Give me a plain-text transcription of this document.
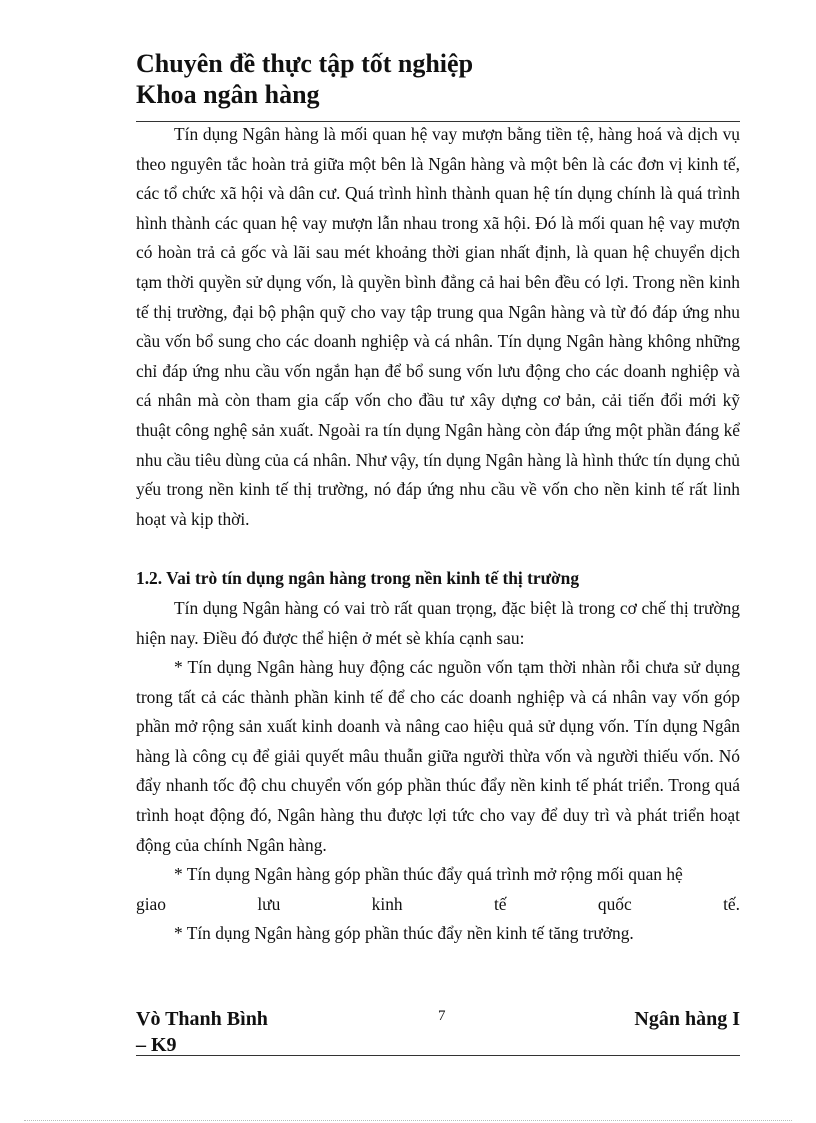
Chuyên đề thực tập tốt nghiệp
Khoa ngân hàng

Tín dụng Ngân hàng là mối quan hệ vay mượn bằng tiền tệ, hàng hoá và dịch vụ theo nguyên tắc hoàn trả giữa một bên là Ngân hàng và một bên là các đơn vị kinh tế, các tổ chức xã hội và dân cư. Quá trình hình thành quan hệ tín dụng chính là quá trình hình thành các quan hệ vay mượn lẫn nhau trong xã hội. Đó là mối quan hệ vay mượn có hoàn trả cả gốc và lãi sau mét khoảng thời gian nhất định, là quan hệ chuyển dịch tạm thời quyền sử dụng vốn, là quyền bình đẳng cả hai bên đều có lợi. Trong nền kinh tế thị trường, đại bộ phận quỹ cho vay tập trung qua Ngân hàng và từ đó đáp ứng nhu cầu vốn bổ sung cho các doanh nghiệp và cá nhân. Tín dụng Ngân hàng không những chỉ đáp ứng nhu cầu vốn ngắn hạn để bổ sung vốn lưu động cho các doanh nghiệp và cá nhân mà còn tham gia cấp vốn cho đầu tư xây dựng cơ bản, cải tiến đổi mới kỹ thuật công nghệ sản xuất. Ngoài ra tín dụng Ngân hàng còn đáp ứng một phần đáng kể nhu cầu tiêu dùng của cá nhân. Như vậy, tín dụng Ngân hàng là hình thức tín dụng chủ yếu trong nền kinh tế thị trường, nó đáp ứng nhu cầu về vốn cho nền kinh tế rất linh hoạt và kịp thời.

1.2. Vai trò tín dụng ngân hàng trong nền kinh tế thị trường

Tín dụng Ngân hàng có vai trò rất quan trọng, đặc biệt là trong cơ chế thị trường hiện nay. Điều đó được thể hiện ở mét sè khía cạnh sau:

* Tín dụng Ngân hàng huy động các nguồn vốn tạm thời nhàn rỗi chưa sử dụng trong tất cả các thành phần kinh tế để cho các doanh nghiệp và cá nhân vay vốn góp phần mở rộng sản xuất kinh doanh và nâng cao hiệu quả sử dụng vốn. Tín dụng Ngân hàng là công cụ để giải quyết mâu thuẫn giữa người thừa vốn và người thiếu vốn. Nó đẩy nhanh tốc độ chu chuyển vốn góp phần thúc đẩy nền kinh tế phát triển. Trong quá trình hoạt động đó, Ngân hàng thu được lợi tức cho vay để duy trì và phát triển hoạt động của chính Ngân hàng.

* Tín dụng Ngân hàng góp phần thúc đẩy quá trình mở rộng mối quan hệ

giao lưu kinh tế quốc tế.

* Tín dụng Ngân hàng góp phần thúc đẩy nền kinh tế tăng trưởng.

Vò Thanh Bình
– K9
7	Ngân hàng I
